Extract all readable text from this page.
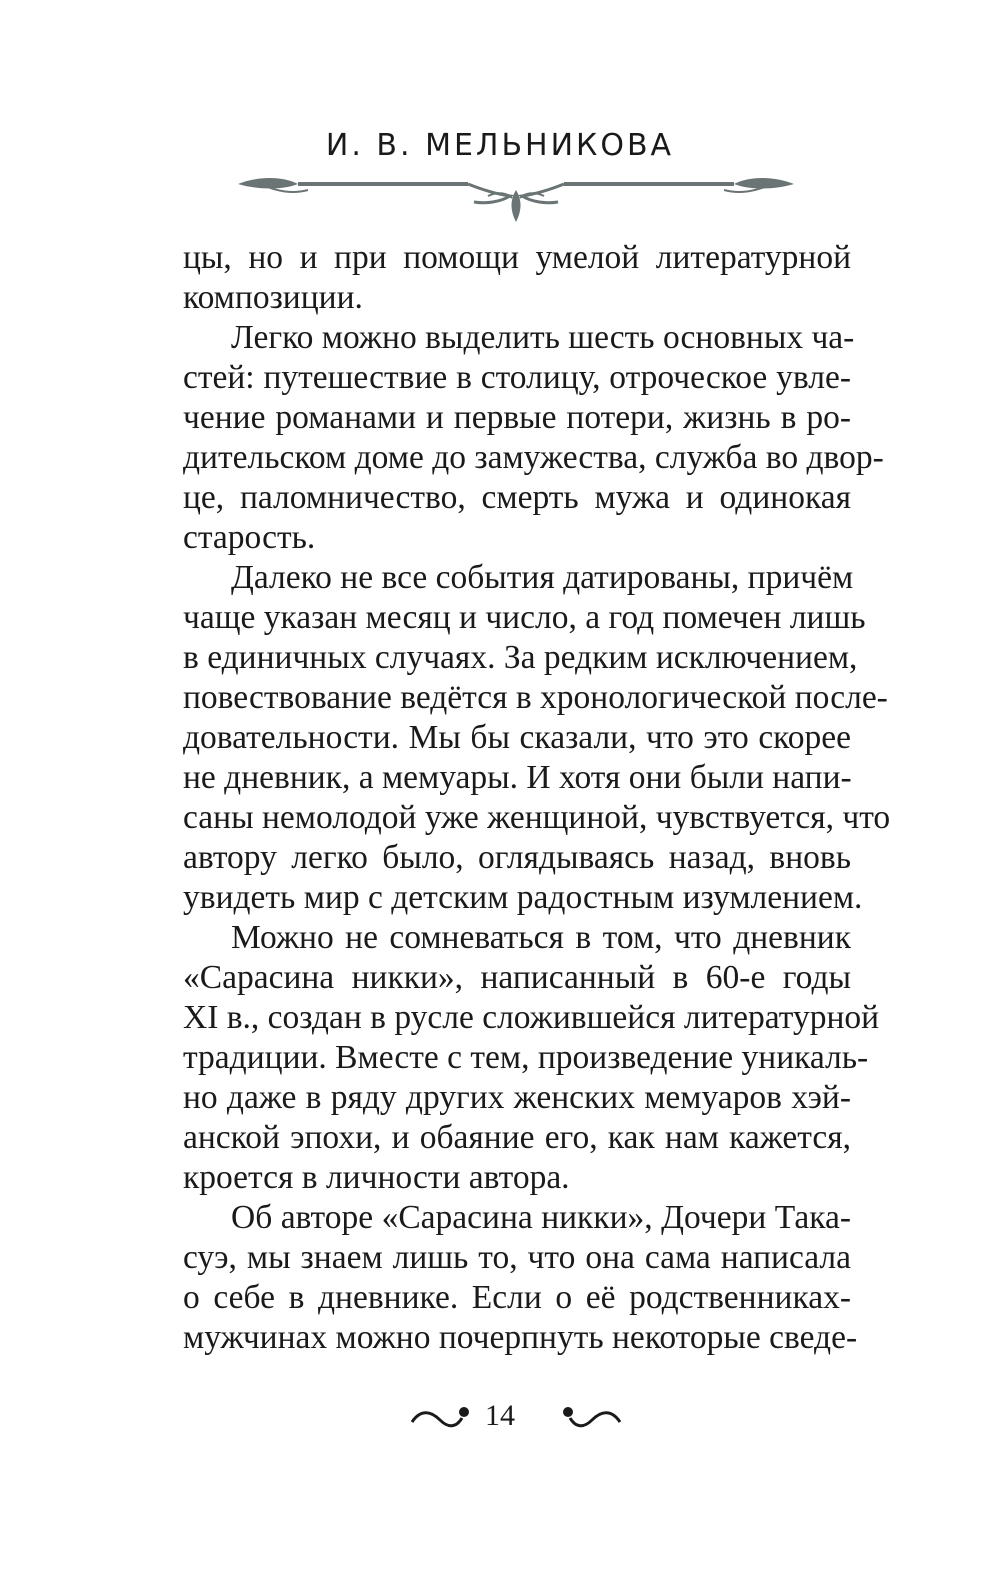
И. В. МЕЛЬНИКОВА
цы, но и при помощи умелой литературной
композиции.
Легко можно выделить шесть основных ча-
стей: путешествие в столицу, отроческое увле-
чение романами и первые потери, жизнь в ро-
дительском доме до замужества, служба во двор-
це, паломничество, смерть мужа и одинокая
старость.
Далеко не все события датированы, причём
чаще указан месяц и число, а год помечен лишь
в единичных случаях. За редким исключением,
повествование ведётся в хронологической после-
довательности. Мы бы сказали, что это скорее
не дневник, а мемуары. И хотя они были напи-
саны немолодой уже женщиной, чувствуется, что
автору легко было, оглядываясь назад, вновь
увидеть мир с детским радостным изумлением.
Можно не сомневаться в том, что дневник
«Сарасина никки», написанный в 60-е годы
XI в., создан в русле сложившейся литературной
традиции. Вместе с тем, произведение уникаль-
но даже в ряду других женских мемуаров хэй-
анской эпохи, и обаяние его, как нам кажется,
кроется в личности автора.
Об авторе «Сарасина никки», Дочери Така-
суэ, мы знаем лишь то, что она сама написала
о себе в дневнике. Если о её родственниках-
мужчинах можно почерпнуть некоторые сведе-
14
